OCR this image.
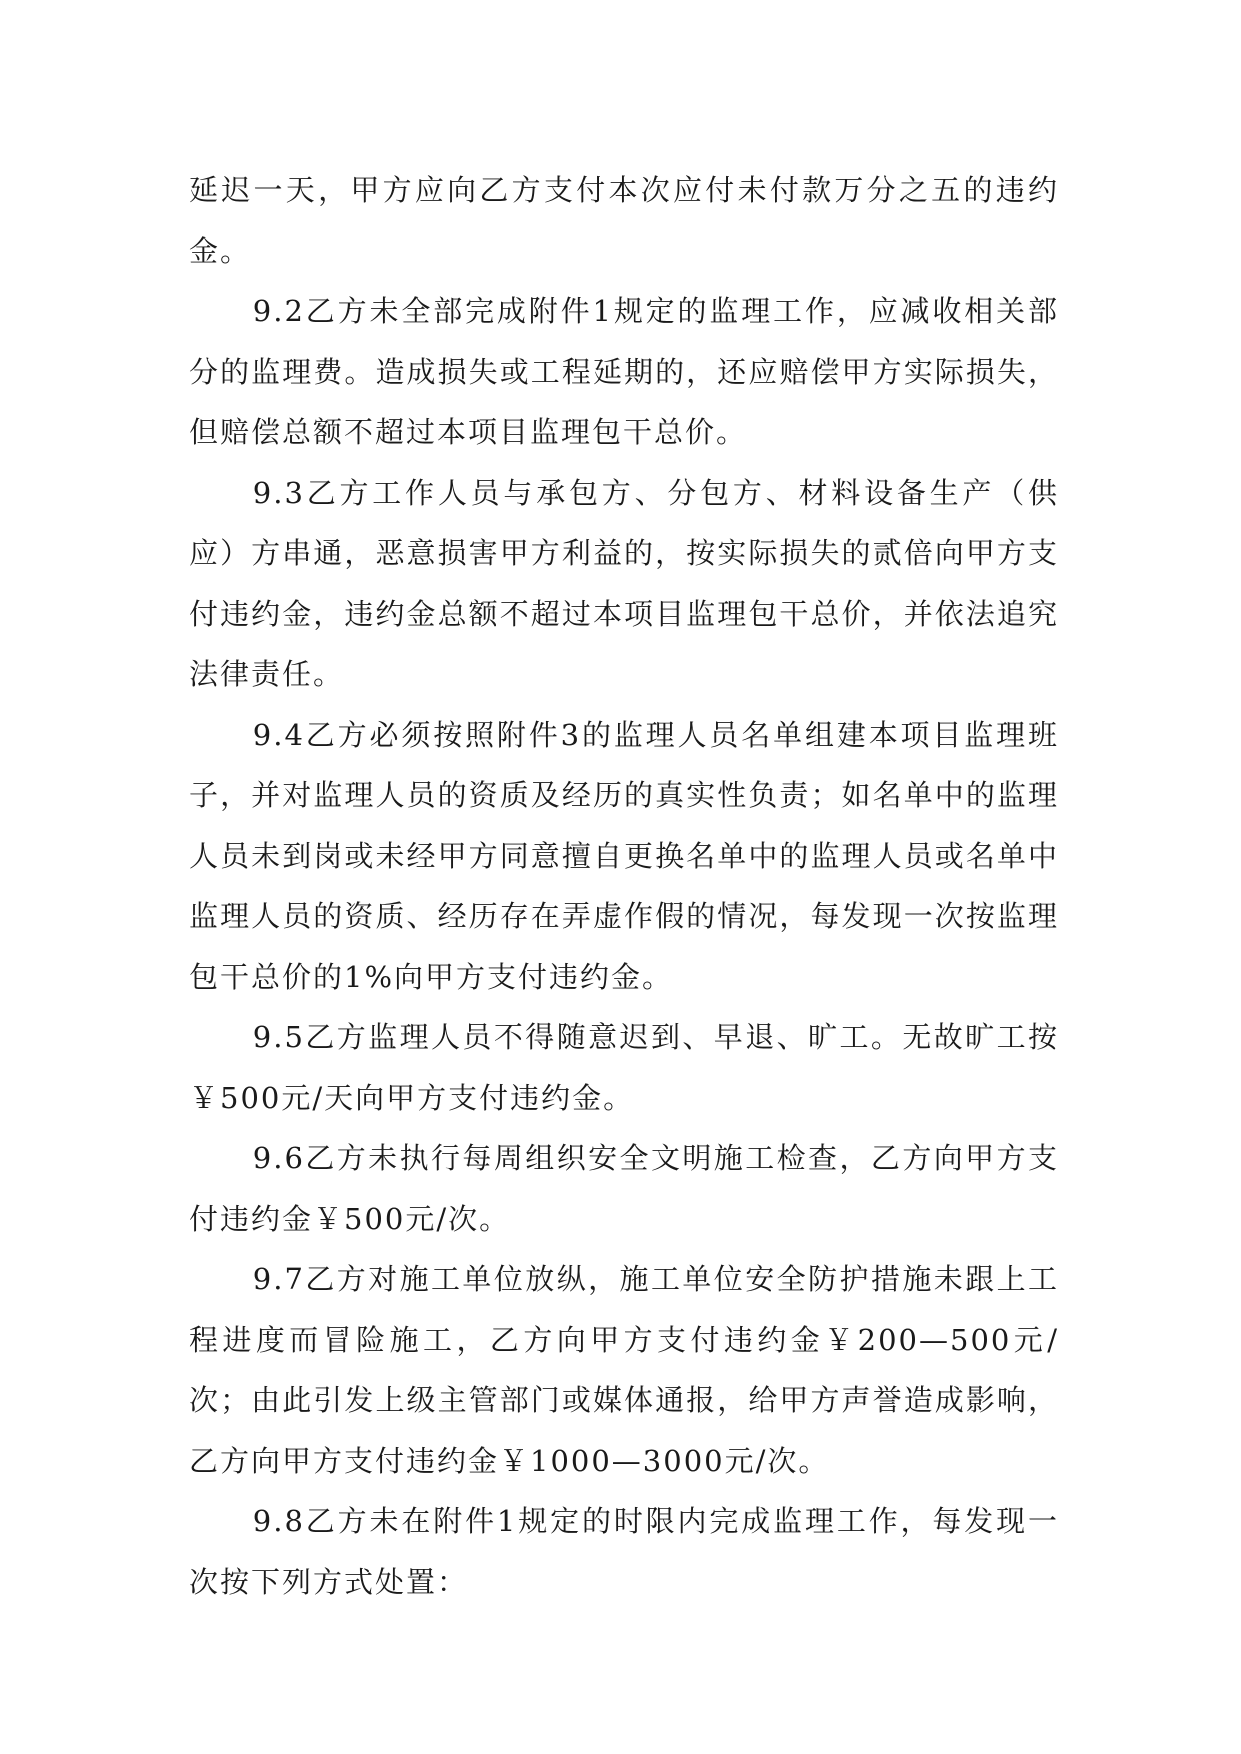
延迟一天，甲方应向乙方支付本次应付未付款万分之五的违约金。

9.2乙方未全部完成附件1规定的监理工作，应减收相关部分的监理费。造成损失或工程延期的，还应赔偿甲方实际损失，但赔偿总额不超过本项目监理包干总价。

9.3乙方工作人员与承包方、分包方、材料设备生产（供应）方串通，恶意损害甲方利益的，按实际损失的贰倍向甲方支付违约金，违约金总额不超过本项目监理包干总价，并依法追究法律责任。

9.4乙方必须按照附件3的监理人员名单组建本项目监理班子，并对监理人员的资质及经历的真实性负责；如名单中的监理人员未到岗或未经甲方同意擅自更换名单中的监理人员或名单中监理人员的资质、经历存在弄虚作假的情况，每发现一次按监理包干总价的1%向甲方支付违约金。

9.5乙方监理人员不得随意迟到、早退、旷工。无故旷工按￥500元/天向甲方支付违约金。

9.6乙方未执行每周组织安全文明施工检查，乙方向甲方支付违约金￥500元/次。

9.7乙方对施工单位放纵，施工单位安全防护措施未跟上工程进度而冒险施工，乙方向甲方支付违约金￥200—500元/次；由此引发上级主管部门或媒体通报，给甲方声誉造成影响，乙方向甲方支付违约金￥1000—3000元/次。

9.8乙方未在附件1规定的时限内完成监理工作，每发现一次按下列方式处置：
